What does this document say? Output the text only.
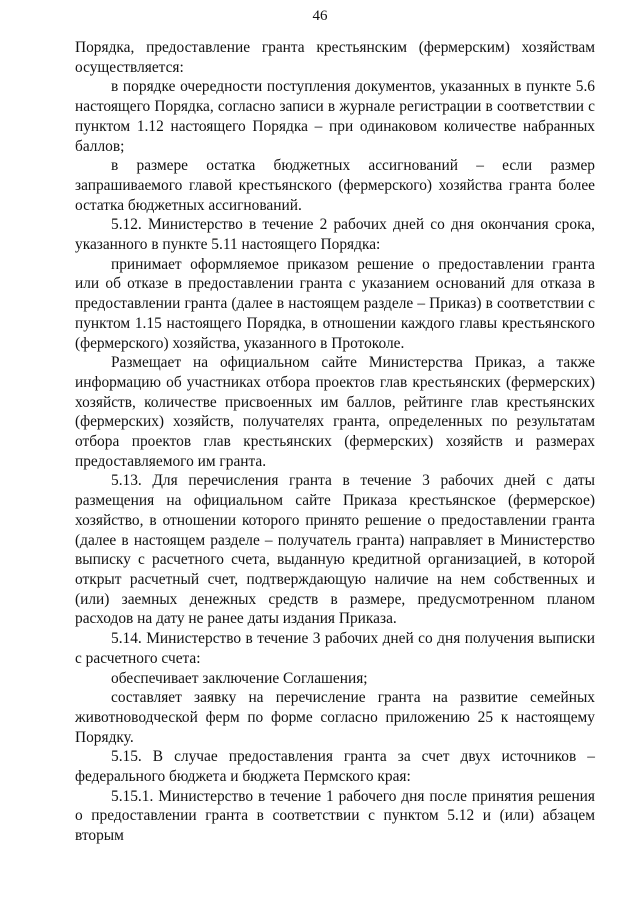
46

Порядка, предоставление гранта крестьянским (фермерским) хозяйствам осуществляется:

в порядке очередности поступления документов, указанных в пункте 5.6 настоящего Порядка, согласно записи в журнале регистрации в соответствии с пунктом 1.12 настоящего Порядка – при одинаковом количестве набранных баллов;

в размере остатка бюджетных ассигнований – если размер запрашиваемого главой крестьянского (фермерского) хозяйства гранта более остатка бюджетных ассигнований.

5.12. Министерство в течение 2 рабочих дней со дня окончания срока, указанного в пункте 5.11 настоящего Порядка:

принимает оформляемое приказом решение о предоставлении гранта или об отказе в предоставлении гранта с указанием оснований для отказа в предоставлении гранта (далее в настоящем разделе – Приказ) в соответствии с пунктом 1.15 настоящего Порядка, в отношении каждого главы крестьянского (фермерского) хозяйства, указанного в Протоколе.

Размещает на официальном сайте Министерства Приказ, а также информацию об участниках отбора проектов глав крестьянских (фермерских) хозяйств, количестве присвоенных им баллов, рейтинге глав крестьянских (фермерских) хозяйств, получателях гранта, определенных по результатам отбора проектов глав крестьянских (фермерских) хозяйств и размерах предоставляемого им гранта.

5.13. Для перечисления гранта в течение 3 рабочих дней с даты размещения на официальном сайте Приказа крестьянское (фермерское) хозяйство, в отношении которого принято решение о предоставлении гранта (далее в настоящем разделе – получатель гранта) направляет в Министерство выписку с расчетного счета, выданную кредитной организацией, в которой открыт расчетный счет, подтверждающую наличие на нем собственных и (или) заемных денежных средств в размере, предусмотренном планом расходов на дату не ранее даты издания Приказа.

5.14. Министерство в течение 3 рабочих дней со дня получения выписки с расчетного счета:

обеспечивает заключение Соглашения;

составляет заявку на перечисление гранта на развитие семейных животноводческой ферм по форме согласно приложению 25 к настоящему Порядку.

5.15. В случае предоставления гранта за счет двух источников – федерального бюджета и бюджета Пермского края:

5.15.1. Министерство в течение 1 рабочего дня после принятия решения о предоставлении гранта в соответствии с пунктом 5.12 и (или) абзацем вторым
